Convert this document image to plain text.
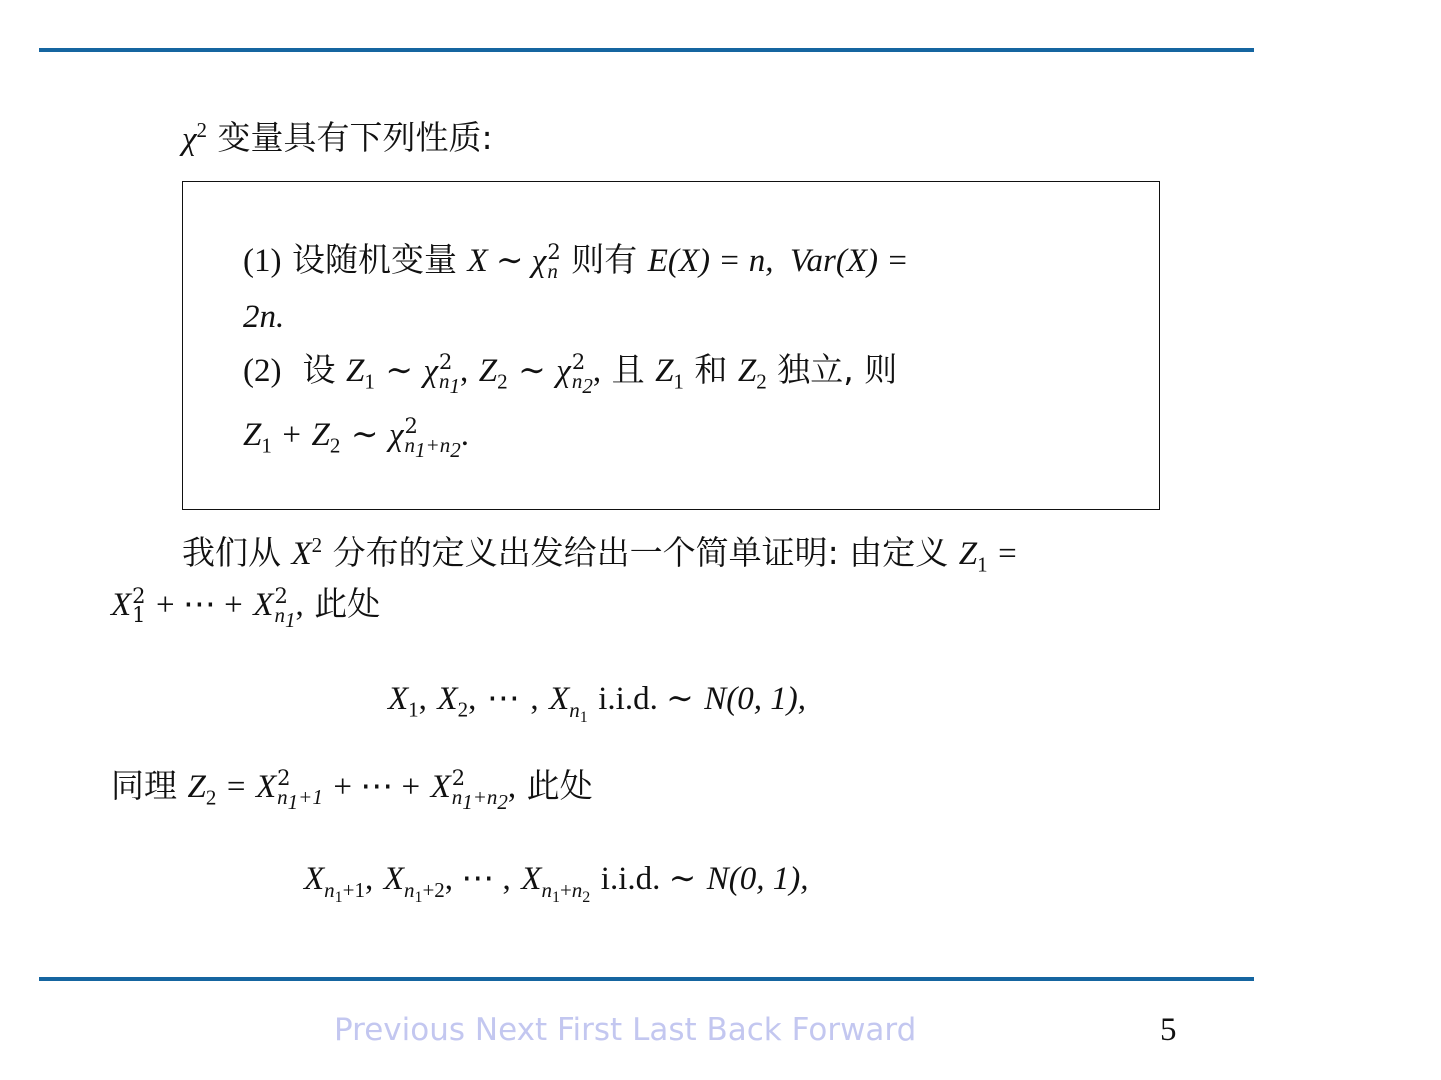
$\chi^2$ 变量具有下列性质:
(1) 设随机变量 X ∼ χ 2
n 则有 E(X) = n, Var(X) =
2n.
(2) 设 $Z_1$ ∼ χ 2
$n_1$ , $Z_2$ ∼ χ 2
$n_2$ , 且 $Z_1$ 和 $Z_2$ 独立, 则
$Z_1 + Z_2$ ∼ χ 2
$n_1+n_2$ .
我们从 $X^2$ 分布的定义出发给出一个简单证明: 由定义 $Z_1$ =
X 2
1 + ⋯ + X 2
$n_1$ , 此处
$X_1$, $X_2$, ⋯ , $X_{n_1}$ i.i.d. ∼ N(0, 1),
同理 $Z_2 = X$ 2
$n_1+1$ + ⋯ + X 2
$n_1+n_2$ , 此处
$X_{n_1+1}$, $X_{n_1+2}$, ⋯ , $X_{n_1+n_2}$ i.i.d. ∼ N(0, 1),
Previous Next First Last Back Forward	5
